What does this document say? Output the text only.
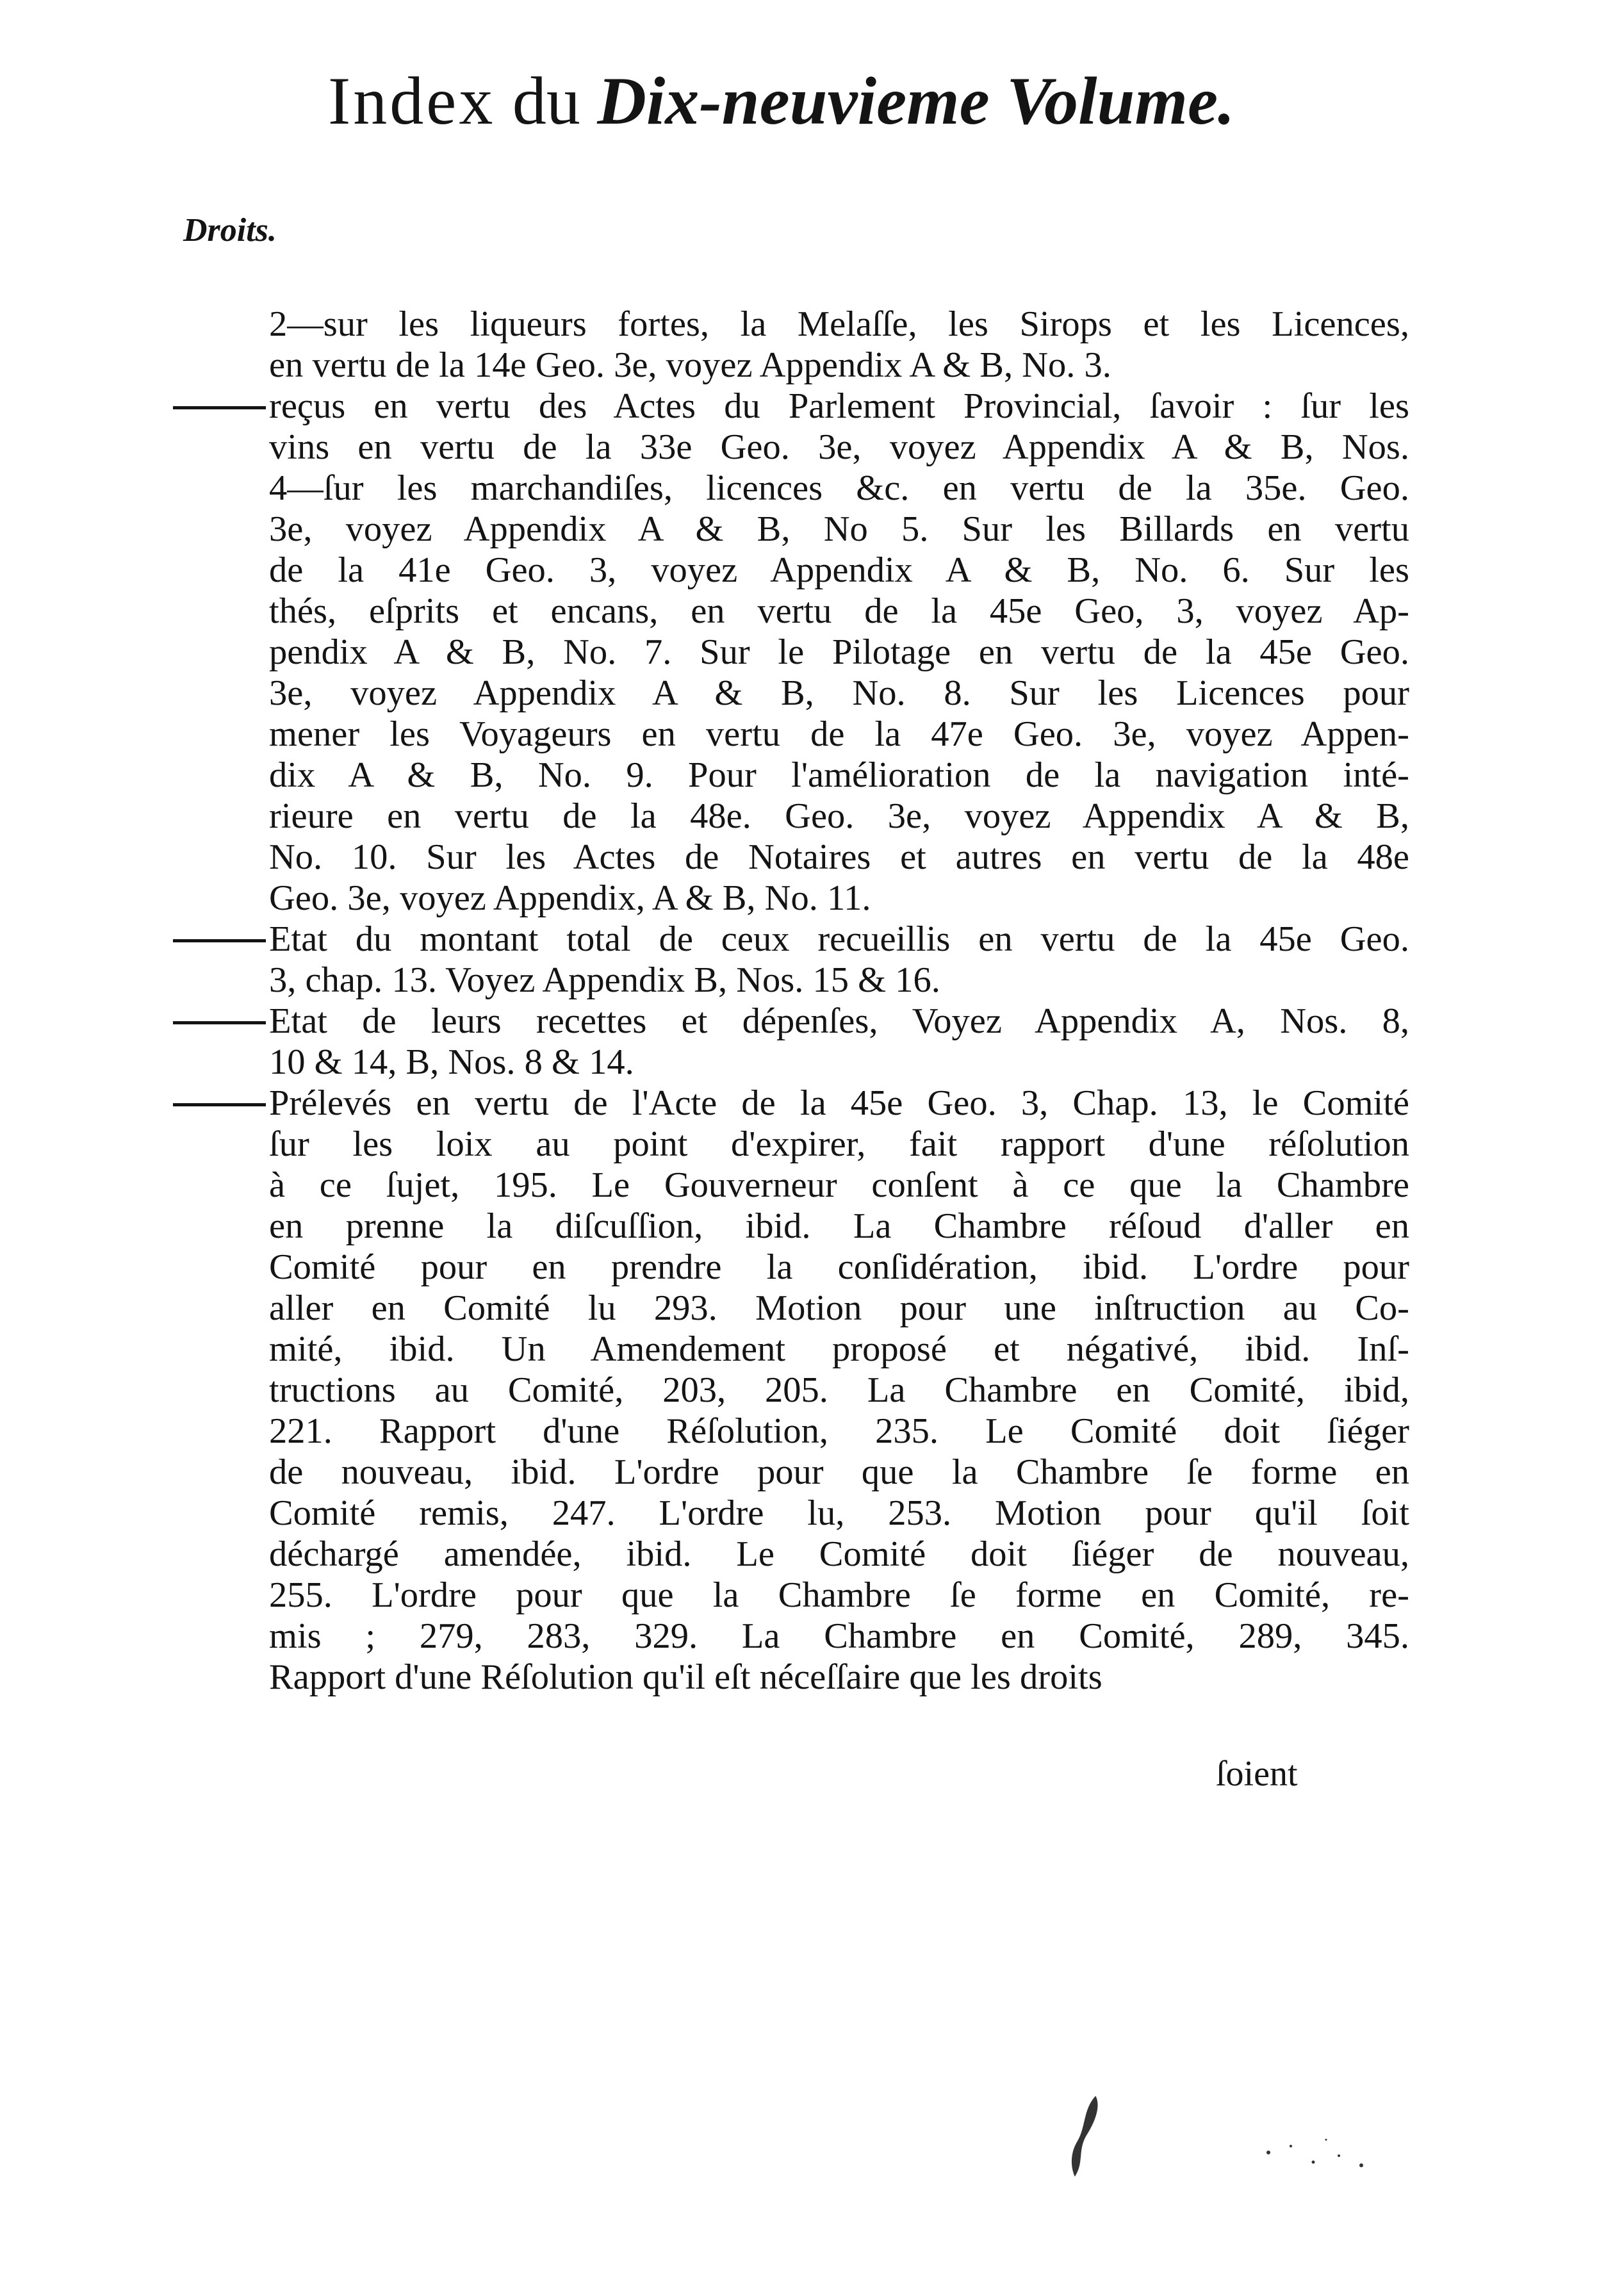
Index du Dix-neuvieme Volume.
Droits.
2—sur les liqueurs fortes, la Melaſſe, les Sirops et les Licences,
en vertu de la 14e Geo. 3e, voyez Appendix A & B, No. 3.
reçus en vertu des Actes du Parlement Provincial, ſavoir : ſur les
vins en vertu de la 33e Geo. 3e, voyez Appendix A & B, Nos.
4—ſur les marchandiſes, licences &c. en vertu de la 35e. Geo.
3e, voyez Appendix A & B, No 5. Sur les Billards en vertu
de la 41e Geo. 3, voyez Appendix A & B, No. 6. Sur les
thés, eſprits et encans, en vertu de la 45e Geo, 3, voyez Ap-
pendix A & B, No. 7. Sur le Pilotage en vertu de la 45e Geo.
3e, voyez Appendix A & B, No. 8. Sur les Licences pour
mener les Voyageurs en vertu de la 47e Geo. 3e, voyez Appen-
dix A & B, No. 9. Pour l'amélioration de la navigation inté-
rieure en vertu de la 48e. Geo. 3e, voyez Appendix A & B,
No. 10. Sur les Actes de Notaires et autres en vertu de la 48e
Geo. 3e, voyez Appendix, A & B, No. 11.
Etat du montant total de ceux recueillis en vertu de la 45e Geo.
3, chap. 13. Voyez Appendix B, Nos. 15 & 16.
Etat de leurs recettes et dépenſes, Voyez Appendix A, Nos. 8,
10 & 14, B, Nos. 8 & 14.
Prélevés en vertu de l'Acte de la 45e Geo. 3, Chap. 13, le Comité
ſur les loix au point d'expirer, fait rapport d'une réſolution
à ce ſujet, 195. Le Gouverneur conſent à ce que la Chambre
en prenne la diſcuſſion, ibid. La Chambre réſoud d'aller en
Comité pour en prendre la conſidération, ibid. L'ordre pour
aller en Comité lu 293. Motion pour une inſtruction au Co-
mité, ibid. Un Amendement proposé et négativé, ibid. Inſ-
tructions au Comité, 203, 205. La Chambre en Comité, ibid,
221. Rapport d'une Réſolution, 235. Le Comité doit ſiéger
de nouveau, ibid. L'ordre pour que la Chambre ſe forme en
Comité remis, 247. L'ordre lu, 253. Motion pour qu'il ſoit
déchargé amendée, ibid. Le Comité doit ſiéger de nouveau,
255. L'ordre pour que la Chambre ſe forme en Comité, re-
mis ; 279, 283, 329. La Chambre en Comité, 289, 345.
Rapport d'une Réſolution qu'il eſt néceſſaire que les droits
ſoient
